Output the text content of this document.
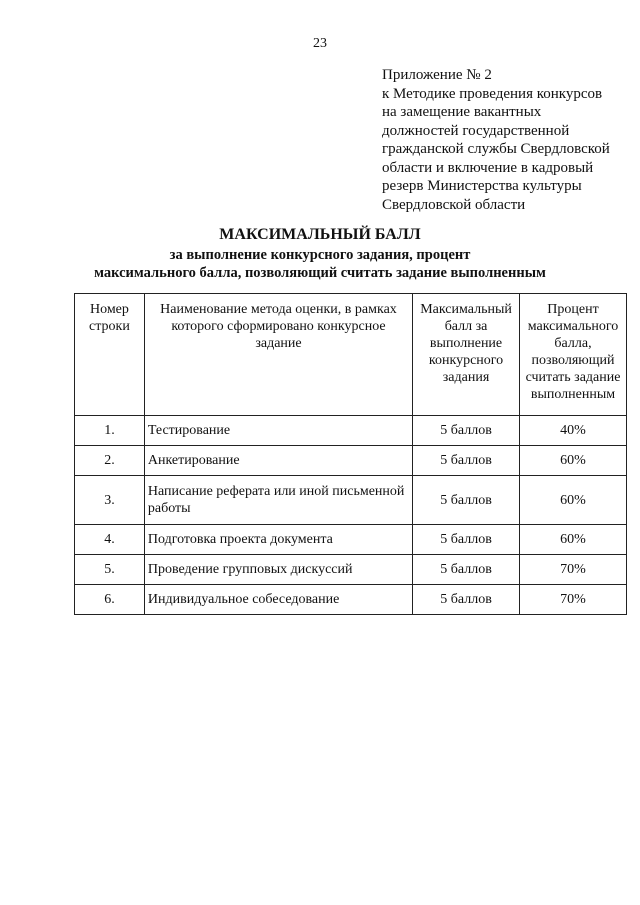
23
Приложение № 2
к Методике проведения конкурсов
на замещение вакантных
должностей государственной
гражданской службы Свердловской
области и включение в кадровый
резерв Министерства культуры
Свердловской области
МАКСИМАЛЬНЫЙ БАЛЛ
за выполнение конкурсного задания, процент
максимального балла, позволяющий считать задание выполненным
Номер строки	Наименование метода оценки, в рамках которого сформировано конкурсное задание	Максимальный балл за выполнение конкурсного задания	Процент максимального балла, позволяющий считать задание выполненным
1.	Тестирование	5 баллов	40%
2.	Анкетирование	5 баллов	60%
3.	Написание реферата или иной письменной работы	5 баллов	60%
4.	Подготовка проекта документа	5 баллов	60%
5.	Проведение групповых дискуссий	5 баллов	70%
6.	Индивидуальное собеседование	5 баллов	70%
